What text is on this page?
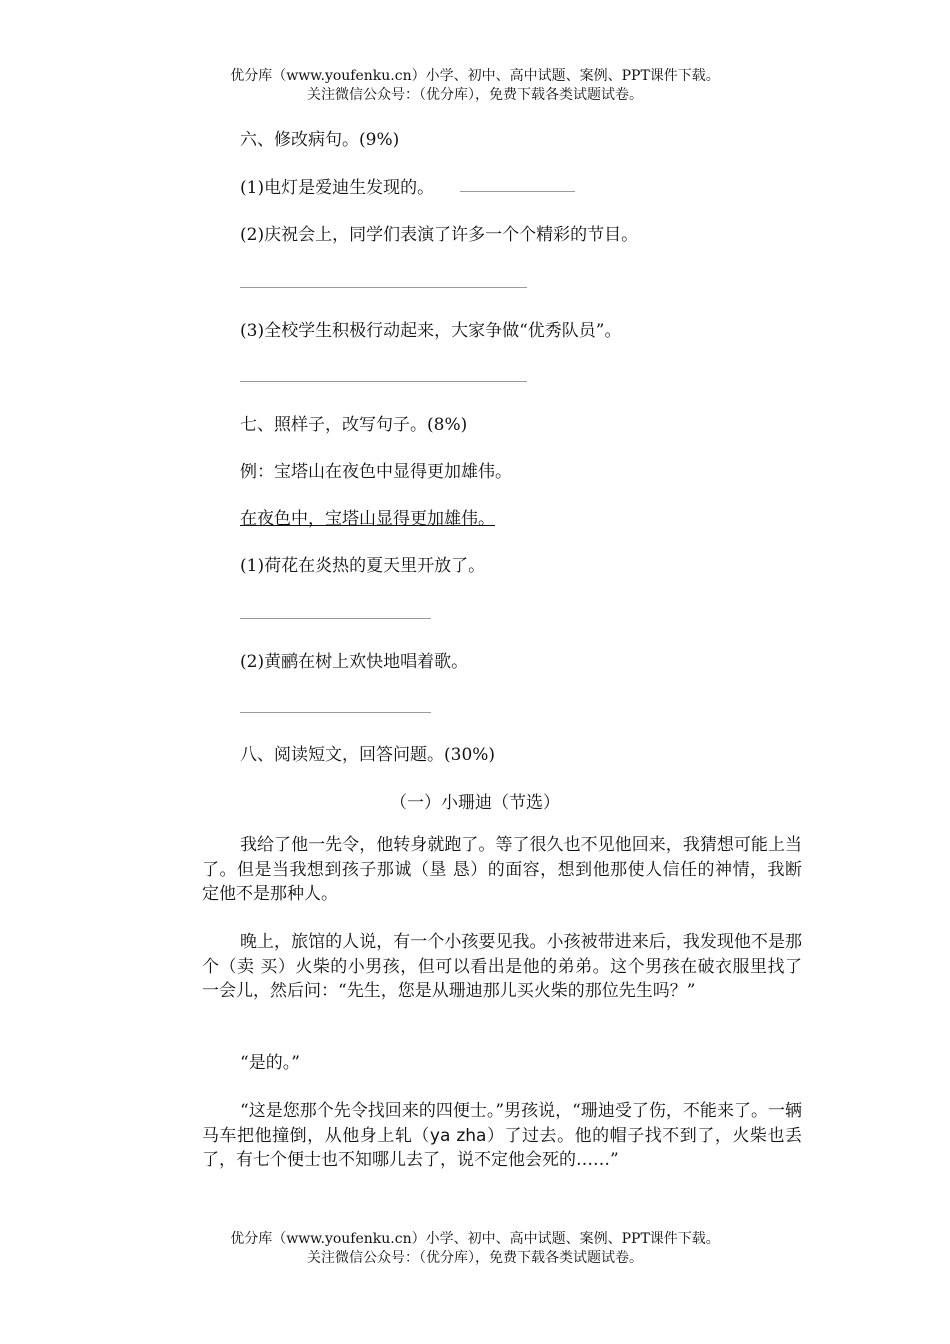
优分库（www.youfenku.cn）小学、初中、高中试题、案例、PPT课件下载。
关注微信公众号：（优分库），免费下载各类试题试卷。
六、修改病句。(9%)
(1)电灯是爱迪生发现的。
(2)庆祝会上，同学们表演了许多一个个精彩的节目。
(3)全校学生积极行动起来，大家争做“优秀队员”。
七、照样子，改写句子。(8%)
例：宝塔山在夜色中显得更加雄伟。
在夜色中，宝塔山显得更加雄伟。
(1)荷花在炎热的夏天里开放了。
(2)黄鹂在树上欢快地唱着歌。
八、阅读短文，回答问题。(30%)
（一）小珊迪（节选）
我给了他一先令，他转身就跑了。等了很久也不见他回来，我猜想可能上当了。但是当我想到孩子那诚（垦 恳）的面容，想到他那使人信任的神情，我断定他不是那种人。
晚上，旅馆的人说，有一个小孩要见我。小孩被带进来后，我发现他不是那个（卖 买）火柴的小男孩，但可以看出是他的弟弟。这个男孩在破衣服里找了一会儿，然后问：“先生，您是从珊迪那儿买火柴的那位先生吗？”
“是的。”
“这是您那个先令找回来的四便士。”男孩说，“珊迪受了伤，不能来了。一辆马车把他撞倒，从他身上轧（ya zha）了过去。他的帽子找不到了，火柴也丢了，有七个便士也不知哪儿去了，说不定他会死的……”
优分库（www.youfenku.cn）小学、初中、高中试题、案例、PPT课件下载。
关注微信公众号：（优分库），免费下载各类试题试卷。
